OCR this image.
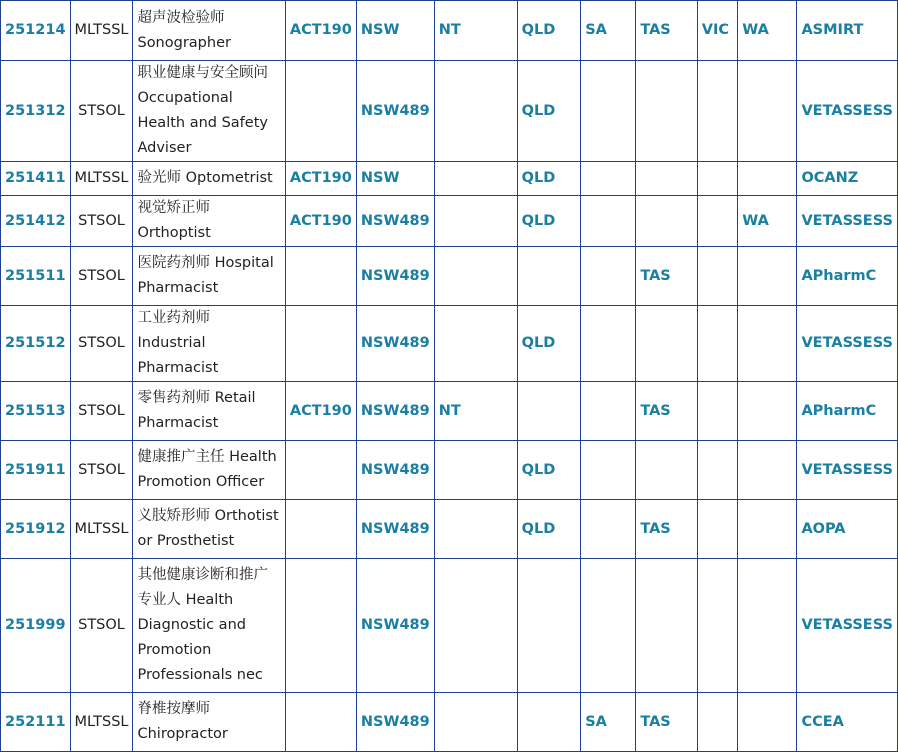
251214	MLTSSL	超声波检验师 Sonographer	ACT190	NSW	NT	QLD	SA	TAS	VIC	WA	ASMIRT
251312	STSOL	职业健康与安全顾问 Occupational Health and Safety Adviser		NSW489		QLD					VETASSESS
251411	MLTSSL	验光师 Optometrist	ACT190	NSW		QLD					OCANZ
251412	STSOL	视觉矫正师 Orthoptist	ACT190	NSW489		QLD				WA	VETASSESS
251511	STSOL	医院药剂师 Hospital Pharmacist		NSW489				TAS			APharmC
251512	STSOL	工业药剂师 Industrial Pharmacist		NSW489		QLD					VETASSESS
251513	STSOL	零售药剂师 Retail Pharmacist	ACT190	NSW489	NT			TAS			APharmC
251911	STSOL	健康推广主任 Health Promotion Officer		NSW489		QLD					VETASSESS
251912	MLTSSL	义肢矫形师 Orthotist or Prosthetist		NSW489		QLD		TAS			AOPA
251999	STSOL	其他健康诊断和推广专业人 Health Diagnostic and Promotion Professionals nec		NSW489							VETASSESS
252111	MLTSSL	脊椎按摩师 Chiropractor		NSW489			SA	TAS			CCEA
